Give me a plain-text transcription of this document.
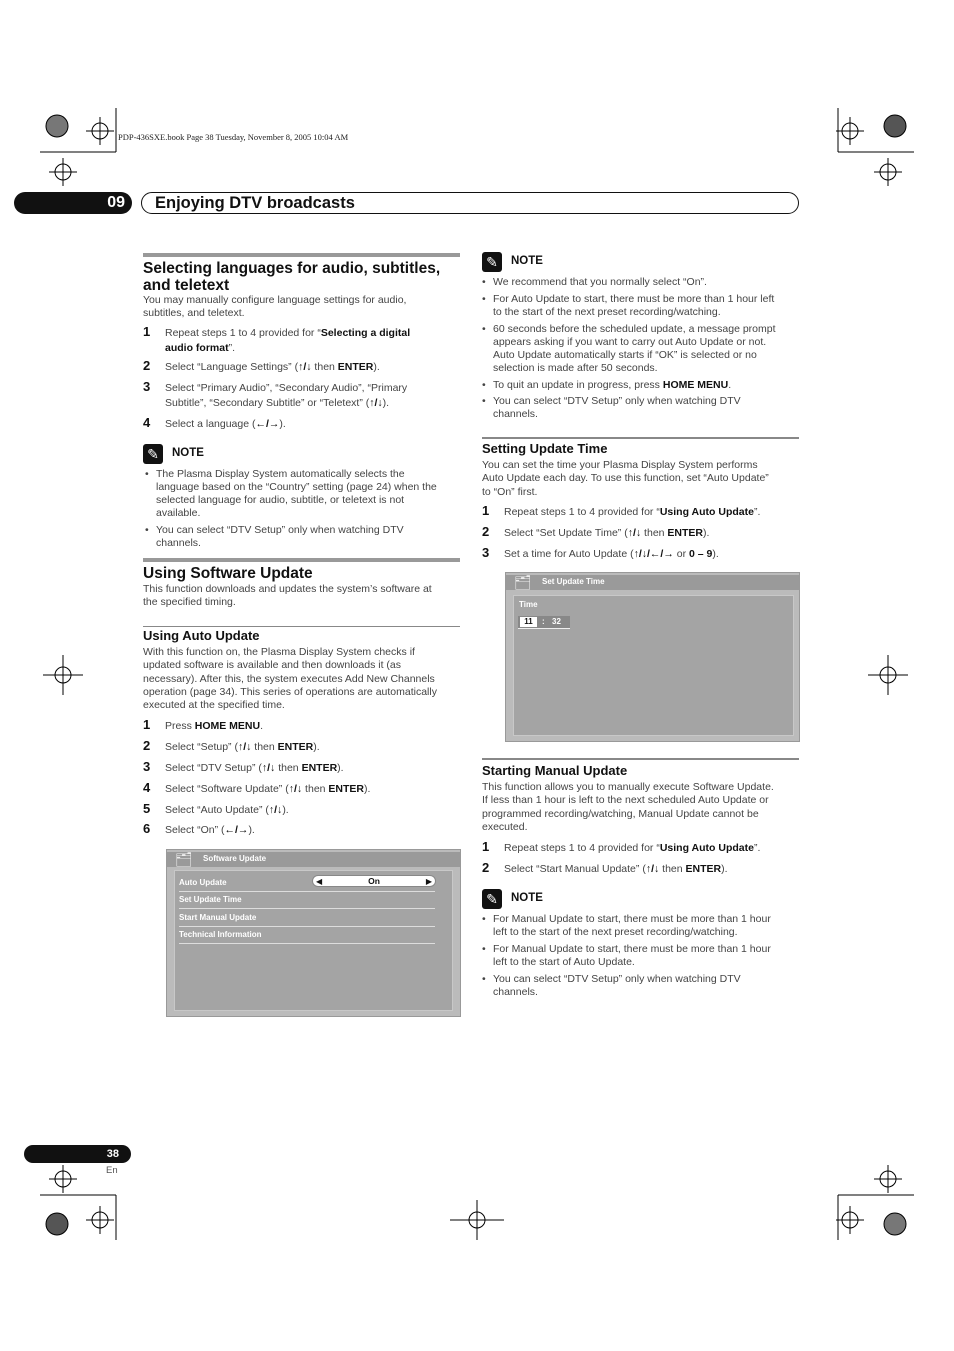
PDP-436SXE.book Page 38 Tuesday, November 8, 2005 10:04 AM
09	Enjoying DTV broadcasts
Selecting languages for audio, subtitles,
and teletext
You may manually configure language settings for audio,
subtitles, and teletext.
1 Repeat steps 1 to 4 provided for “Selecting a digital
audio format”.
2 Select “Language Settings” (↑/↓ then ENTER).
3 Select “Primary Audio”, “Secondary Audio”, “Primary
Subtitle”, “Secondary Subtitle” or “Teletext” (↑/↓).
4 Select a language (←/→).
✎	NOTE
• The Plasma Display System automatically selects the
language based on the “Country” setting (page 24) when the
selected language for audio, subtitle, or teletext is not
available.
• You can select “DTV Setup” only when watching DTV
channels.
Using Software Update
This function downloads and updates the system’s software at
the specified timing.
Using Auto Update
With this function on, the Plasma Display System checks if
updated software is available and then downloads it (as
necessary). After this, the system executes Add New Channels
operation (page 34). This series of operations are automatically
executed at the specified time.
1 Press HOME MENU.
2 Select “Setup” (↑/↓ then ENTER).
3 Select “DTV Setup” (↑/↓ then ENTER).
4 Select “Software Update” (↑/↓ then ENTER).
5 Select “Auto Update” (↑/↓).
6 Select “On” (←/→).
🗂 Software Update
Auto Update	◀	On	▶
Set Update Time
Start Manual Update
Technical Information
✎	NOTE
• We recommend that you normally select “On”.
• For Auto Update to start, there must be more than 1 hour left
to the start of the next preset recording/watching.
• 60 seconds before the scheduled update, a message prompt
appears asking if you want to carry out Auto Update or not.
Auto Update automatically starts if “OK” is selected or no
selection is made after 50 seconds.
• To quit an update in progress, press HOME MENU.
• You can select “DTV Setup” only when watching DTV
channels.
Setting Update Time
You can set the time your Plasma Display System performs
Auto Update each day. To use this function, set “Auto Update”
to “On” first.
1 Repeat steps 1 to 4 provided for “Using Auto Update”.
2 Select “Set Update Time” (↑/↓ then ENTER).
3 Set a time for Auto Update (↑/↓/←/→ or 0 – 9).
🗂 Set Update Time
Time
11	: 32
Starting Manual Update
This function allows you to manually execute Software Update.
If less than 1 hour is left to the next scheduled Auto Update or
programmed recording/watching, Manual Update cannot be
executed.
1 Repeat steps 1 to 4 provided for “Using Auto Update”.
2 Select “Start Manual Update” (↑/↓ then ENTER).
✎	NOTE
• For Manual Update to start, there must be more than 1 hour
left to the start of the next preset recording/watching.
• For Manual Update to start, there must be more than 1 hour
left to the start of Auto Update.
• You can select “DTV Setup” only when watching DTV
channels.
38
En
